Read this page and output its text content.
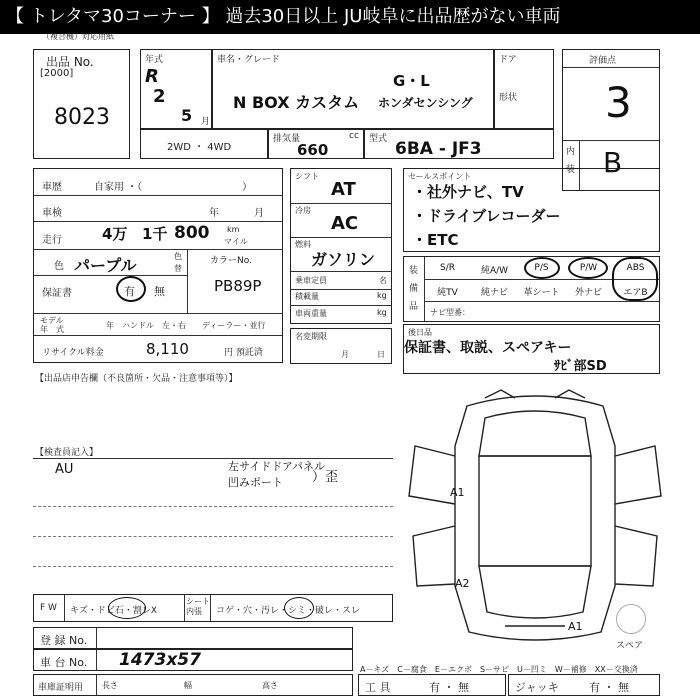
【 トレタマ30コーナー 】 過去30日以上 JU岐阜に出品歴がない車両
（複合機）対応用紙
出品 No.
[2000]
8023
年式
R
2
5 月
車名・グレード
N BOX カスタム
G・L
ホンダセンシング
ドア
形状
評価点
3
内
装 B
2WD ・ 4WD
排気量	cc
660
型式 6BA - JF3
車歴	自家用 ・（　　　　　　　　　　）
車検	年	月
走行	4万 1千 800 km
マイル
色 パープル	色
替
カラーNo.
PB89P
保証書	有 無
モデル
年　式	年　ハンドル　左・右　　ディーラー・並行
リサイクル料金	8,110	円 預託済
シフト
AT
冷房
AC
燃料
ガソリン
乗車定員	名
積載量	kg
車両重量	kg
名変期限
月	日
セールスポイント
・社外ナビ、TV
・ドライブレコーダー
・ETC
装
備
品
S/R	純A/W	P/S	P/W	ABS
純TV	純ナビ	革シート	外ナビ	エアB
ナビ型番：
後日品
保証書、取説、スペアキー
ｻﾋﾞ部SD
【出品店申告欄（不良箇所・欠品・注意事項等）】
【検査員記入】
AU	左サイドドアパネル
凹みポート ）歪
A1
A2
A1
スペア
F W キズ・ドビ石・割レX
シート
内張	コゲ・穴・汚レ・シミ・破レ・スレ
登 録 No.
車 台 No. 1473x57	A－キズ　C－腐食　E－エクボ　S－サビ　U－凹ミ　W－補修　XX－交換済
車庫証明用 長さ	幅	高さ	工 具	有 ・ 無	ジャッキ	有 ・ 無
